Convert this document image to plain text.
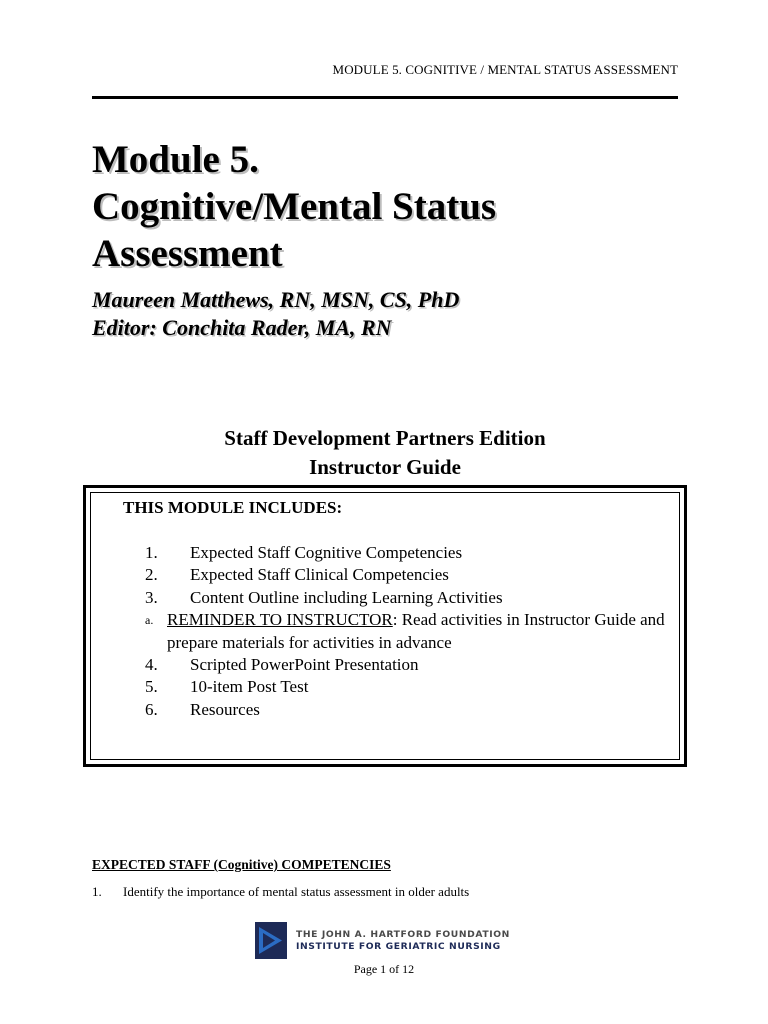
MODULE 5. COGNITIVE / MENTAL STATUS ASSESSMENT
Module 5.
Cognitive/Mental Status
Assessment
Maureen Matthews, RN, MSN, CS, PhD
Editor: Conchita Rader, MA, RN
Staff Development Partners Edition
Instructor Guide
THIS MODULE INCLUDES:
1.	Expected Staff Cognitive Competencies
2.	Expected Staff Clinical Competencies
3.	Content Outline including Learning Activities
a. REMINDER TO INSTRUCTOR: Read activities in Instructor Guide and prepare materials for activities in advance
4.	Scripted PowerPoint Presentation
5.	10-item Post Test
6.	Resources
EXPECTED STAFF (Cognitive) COMPETENCIES
1.	Identify the importance of mental status assessment in older adults
THE JOHN A. HARTFORD FOUNDATION
INSTITUTE FOR GERIATRIC NURSING
Page 1 of 12
